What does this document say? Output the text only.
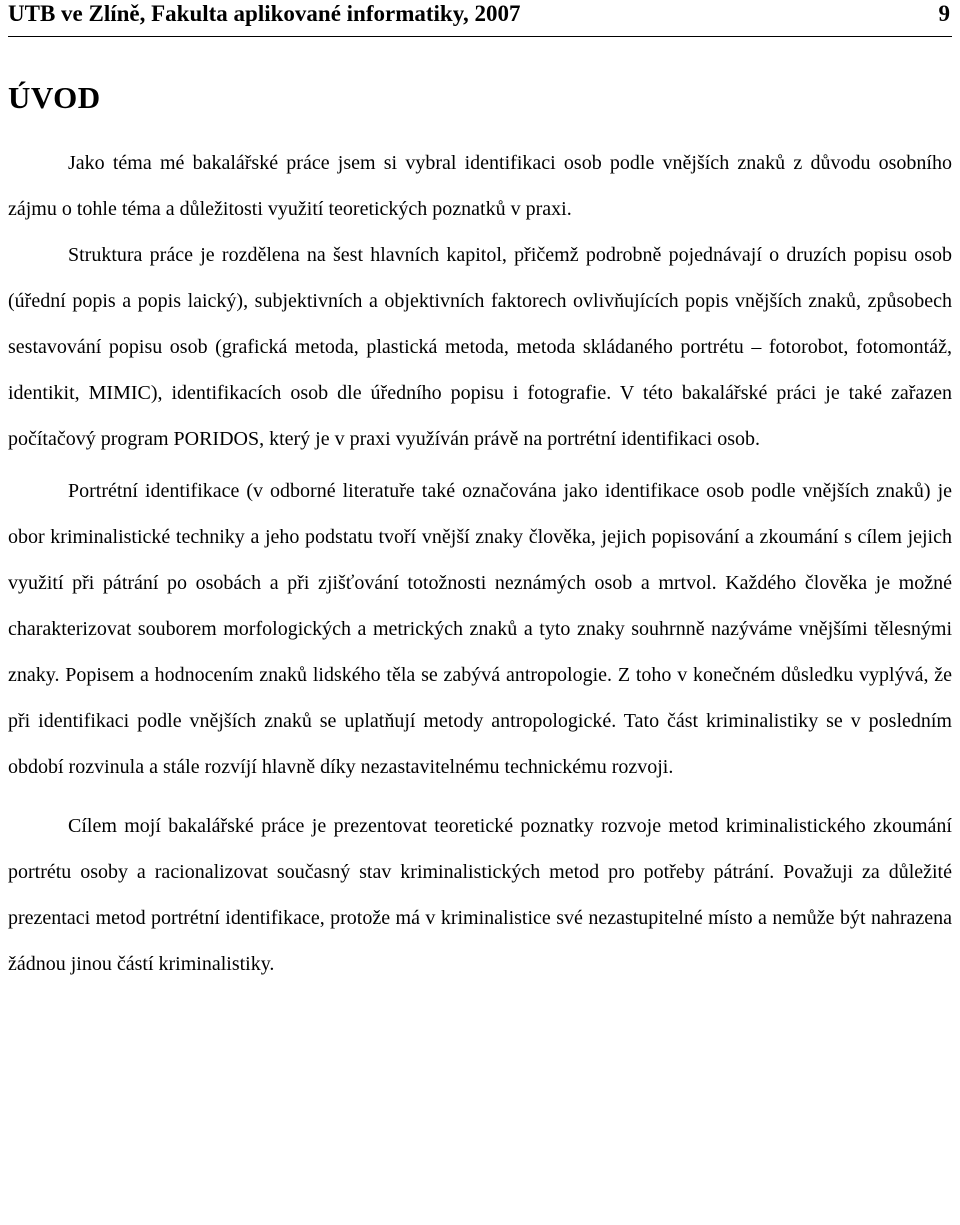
UTB ve Zlíně, Fakulta aplikované informatiky, 2007	9
ÚVOD

Jako téma mé bakalářské práce jsem si vybral identifikaci osob podle vnějších znaků z důvodu osobního zájmu o tohle téma a důležitosti využití teoretických poznatků v praxi.

Struktura práce je rozdělena na šest hlavních kapitol, přičemž podrobně pojednávají o druzích popisu osob (úřední popis a popis laický), subjektivních a objektivních faktorech ovlivňujících popis vnějších znaků, způsobech sestavování popisu osob (grafická metoda, plastická metoda, metoda skládaného portrétu – fotorobot, fotomontáž, identikit, MIMIC), identifikacích osob dle úředního popisu i fotografie. V této bakalářské práci je také zařazen počítačový program PORIDOS, který je v praxi využíván právě na portrétní identifikaci osob.

Portrétní identifikace (v odborné literatuře také označována jako identifikace osob podle vnějších znaků) je obor kriminalistické techniky a jeho podstatu tvoří vnější znaky člověka, jejich popisování a zkoumání s cílem jejich využití při pátrání po osobách a při zjišťování totožnosti neznámých osob a mrtvol. Každého člověka je možné charakterizovat souborem morfologických a metrických znaků a tyto znaky souhrnně nazýváme vnějšími tělesnými znaky. Popisem a hodnocením znaků lidského těla se zabývá antropologie. Z toho v konečném důsledku vyplývá, že při identifikaci podle vnějších znaků se uplatňují metody antropologické. Tato část kriminalistiky se v posledním období rozvinula a stále rozvíjí hlavně díky nezastavitelnému technickému rozvoji.

Cílem mojí bakalářské práce je prezentovat teoretické poznatky rozvoje metod kriminalistického zkoumání portrétu osoby a racionalizovat současný stav kriminalistických metod pro potřeby pátrání. Považuji za důležité prezentaci metod portrétní identifikace, protože má v kriminalistice své nezastupitelné místo a nemůže být nahrazena žádnou jinou částí kriminalistiky.
